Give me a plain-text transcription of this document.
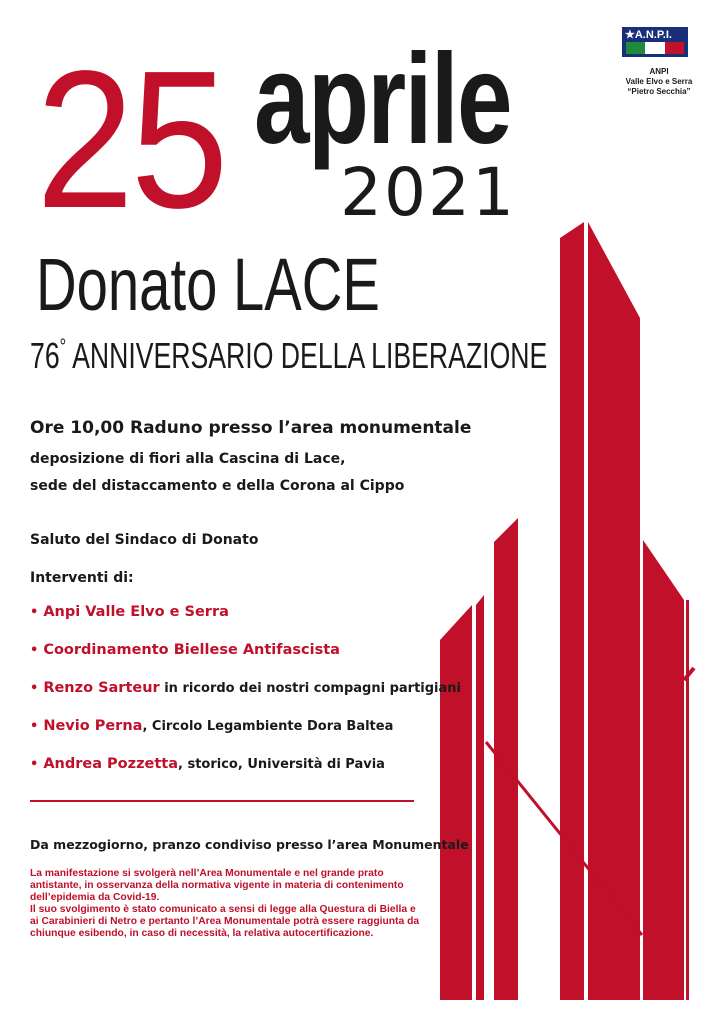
25 aprile
2021
Donato LACE
76° ANNIVERSARIO DELLA LIBERAZIONE
Ore 10,00 Raduno presso l’area monumentale
deposizione di fiori alla Cascina di Lace,
sede del distaccamento e della Corona al Cippo
Saluto del Sindaco di Donato
Interventi di:
• Anpi Valle Elvo e Serra
• Coordinamento Biellese Antifascista
• Renzo Sarteur in ricordo dei nostri compagni partigiani
• Nevio Perna, Circolo Legambiente Dora Baltea
• Andrea Pozzetta, storico, Università di Pavia
Da mezzogiorno, pranzo condiviso presso l’area Monumentale

La manifestazione si svolgerà nell’Area Monumentale e nel grande prato antistante, in osservanza della normativa vigente in materia di contenimento dell’epidemia da Covid-19.

Il suo svolgimento è stato comunicato a sensi di legge alla Questura di Biella e ai Carabinieri di Netro e pertanto l’Area Monumentale potrà essere raggiunta da chiunque esibendo, in caso di necessità, la relativa autocertificazione.

★A.N.P.I.
ANPI
Valle Elvo e Serra
“Pietro Secchia”
